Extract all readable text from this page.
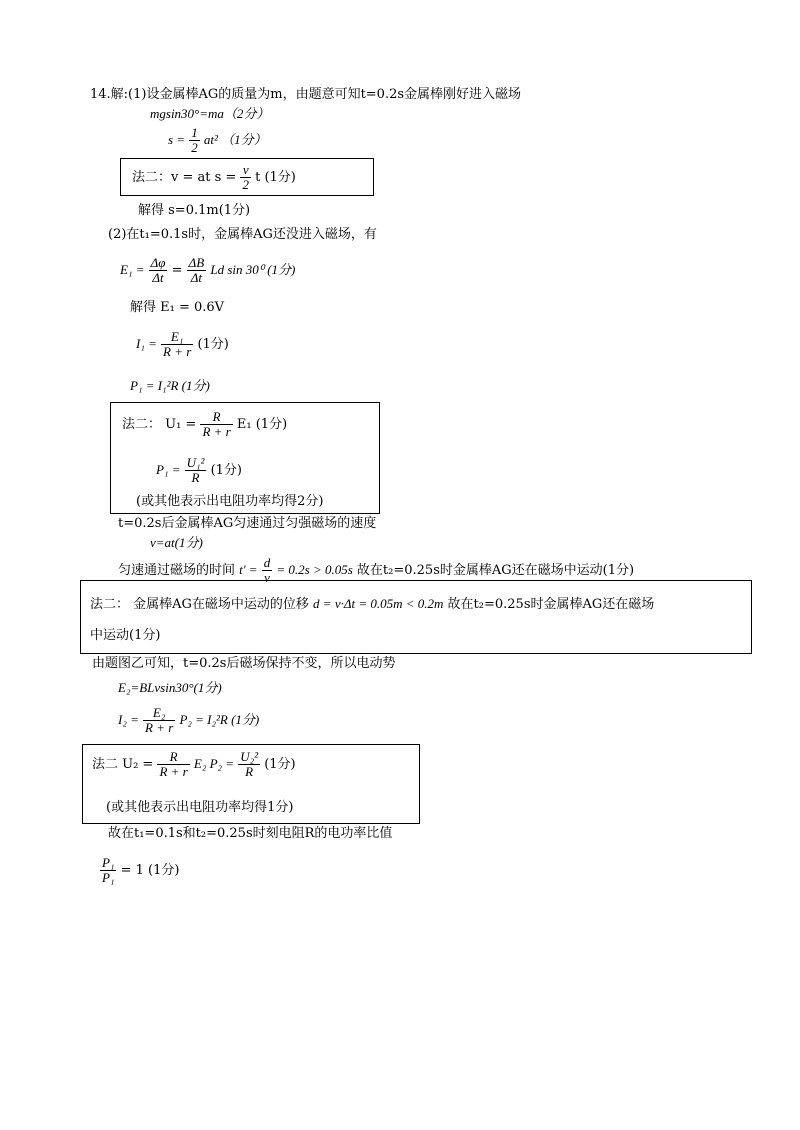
14.解:(1)设金属棒AG的质量为m，由题意可知t=0.2s金属棒刚好进入磁场
mgsin30°=ma（2分）
$s = \frac{1}{2} at^2$ （1分）
法二：v = at $s = \frac{v}{2}$ t (1分)
解得 s=0.1m(1分)
(2)在t₁=0.1s时，金属棒AG还没进入磁场，有
$E_1 = \frac{\Delta\varphi}{\Delta t} = \frac{\Delta B}{\Delta t}$ Ld sin 30⁰ (1分)
解得 E₁ = 0.6V
$I_1 = \frac{\text{E₁}}{R + r} (1$分)
P₁ = I₁²R (1分)
法二： $U_1 = \frac{R}{R + r} E_1$ (1分)
$P_1 = \frac{\text{U₁²}}{R} (1$分)
(或其他表示出电阻功率均得2分)
t=0.2s后金属棒AG匀速通过匀强磁场的速度
v=at(1分)
匀速通过磁场的时间 $t' = \frac{d}{v} = 0.2s > 0.05s$ 故在t₂=0.25s时金属棒AG还在磁场中运动(1分)
法二： 金属棒AG在磁场中运动的位移 d = v·Δt = 0.05m < 0.2m 故在t₂=0.25s时金属棒AG还在磁场
中运动(1分)
由题图乙可知，t=0.2s后磁场保持不变，所以电动势
E₂=BLvsin30°(1分)
$I_2 = \frac{\text{E₂}}{R + r} P_2 = I_2^2R$ (1分)
法二 $U_2 = \frac{R}{R + r} E_2$ $P_2 = \frac{\text{U₂²}}{R} (1$分)
(或其他表示出电阻功率均得1分)
故在t₁=0.1s和t₂=0.25s时刻电阻R的电功率比值
$\frac{\text{P₁}}{\text{P₁}} = 1$ (1分)
